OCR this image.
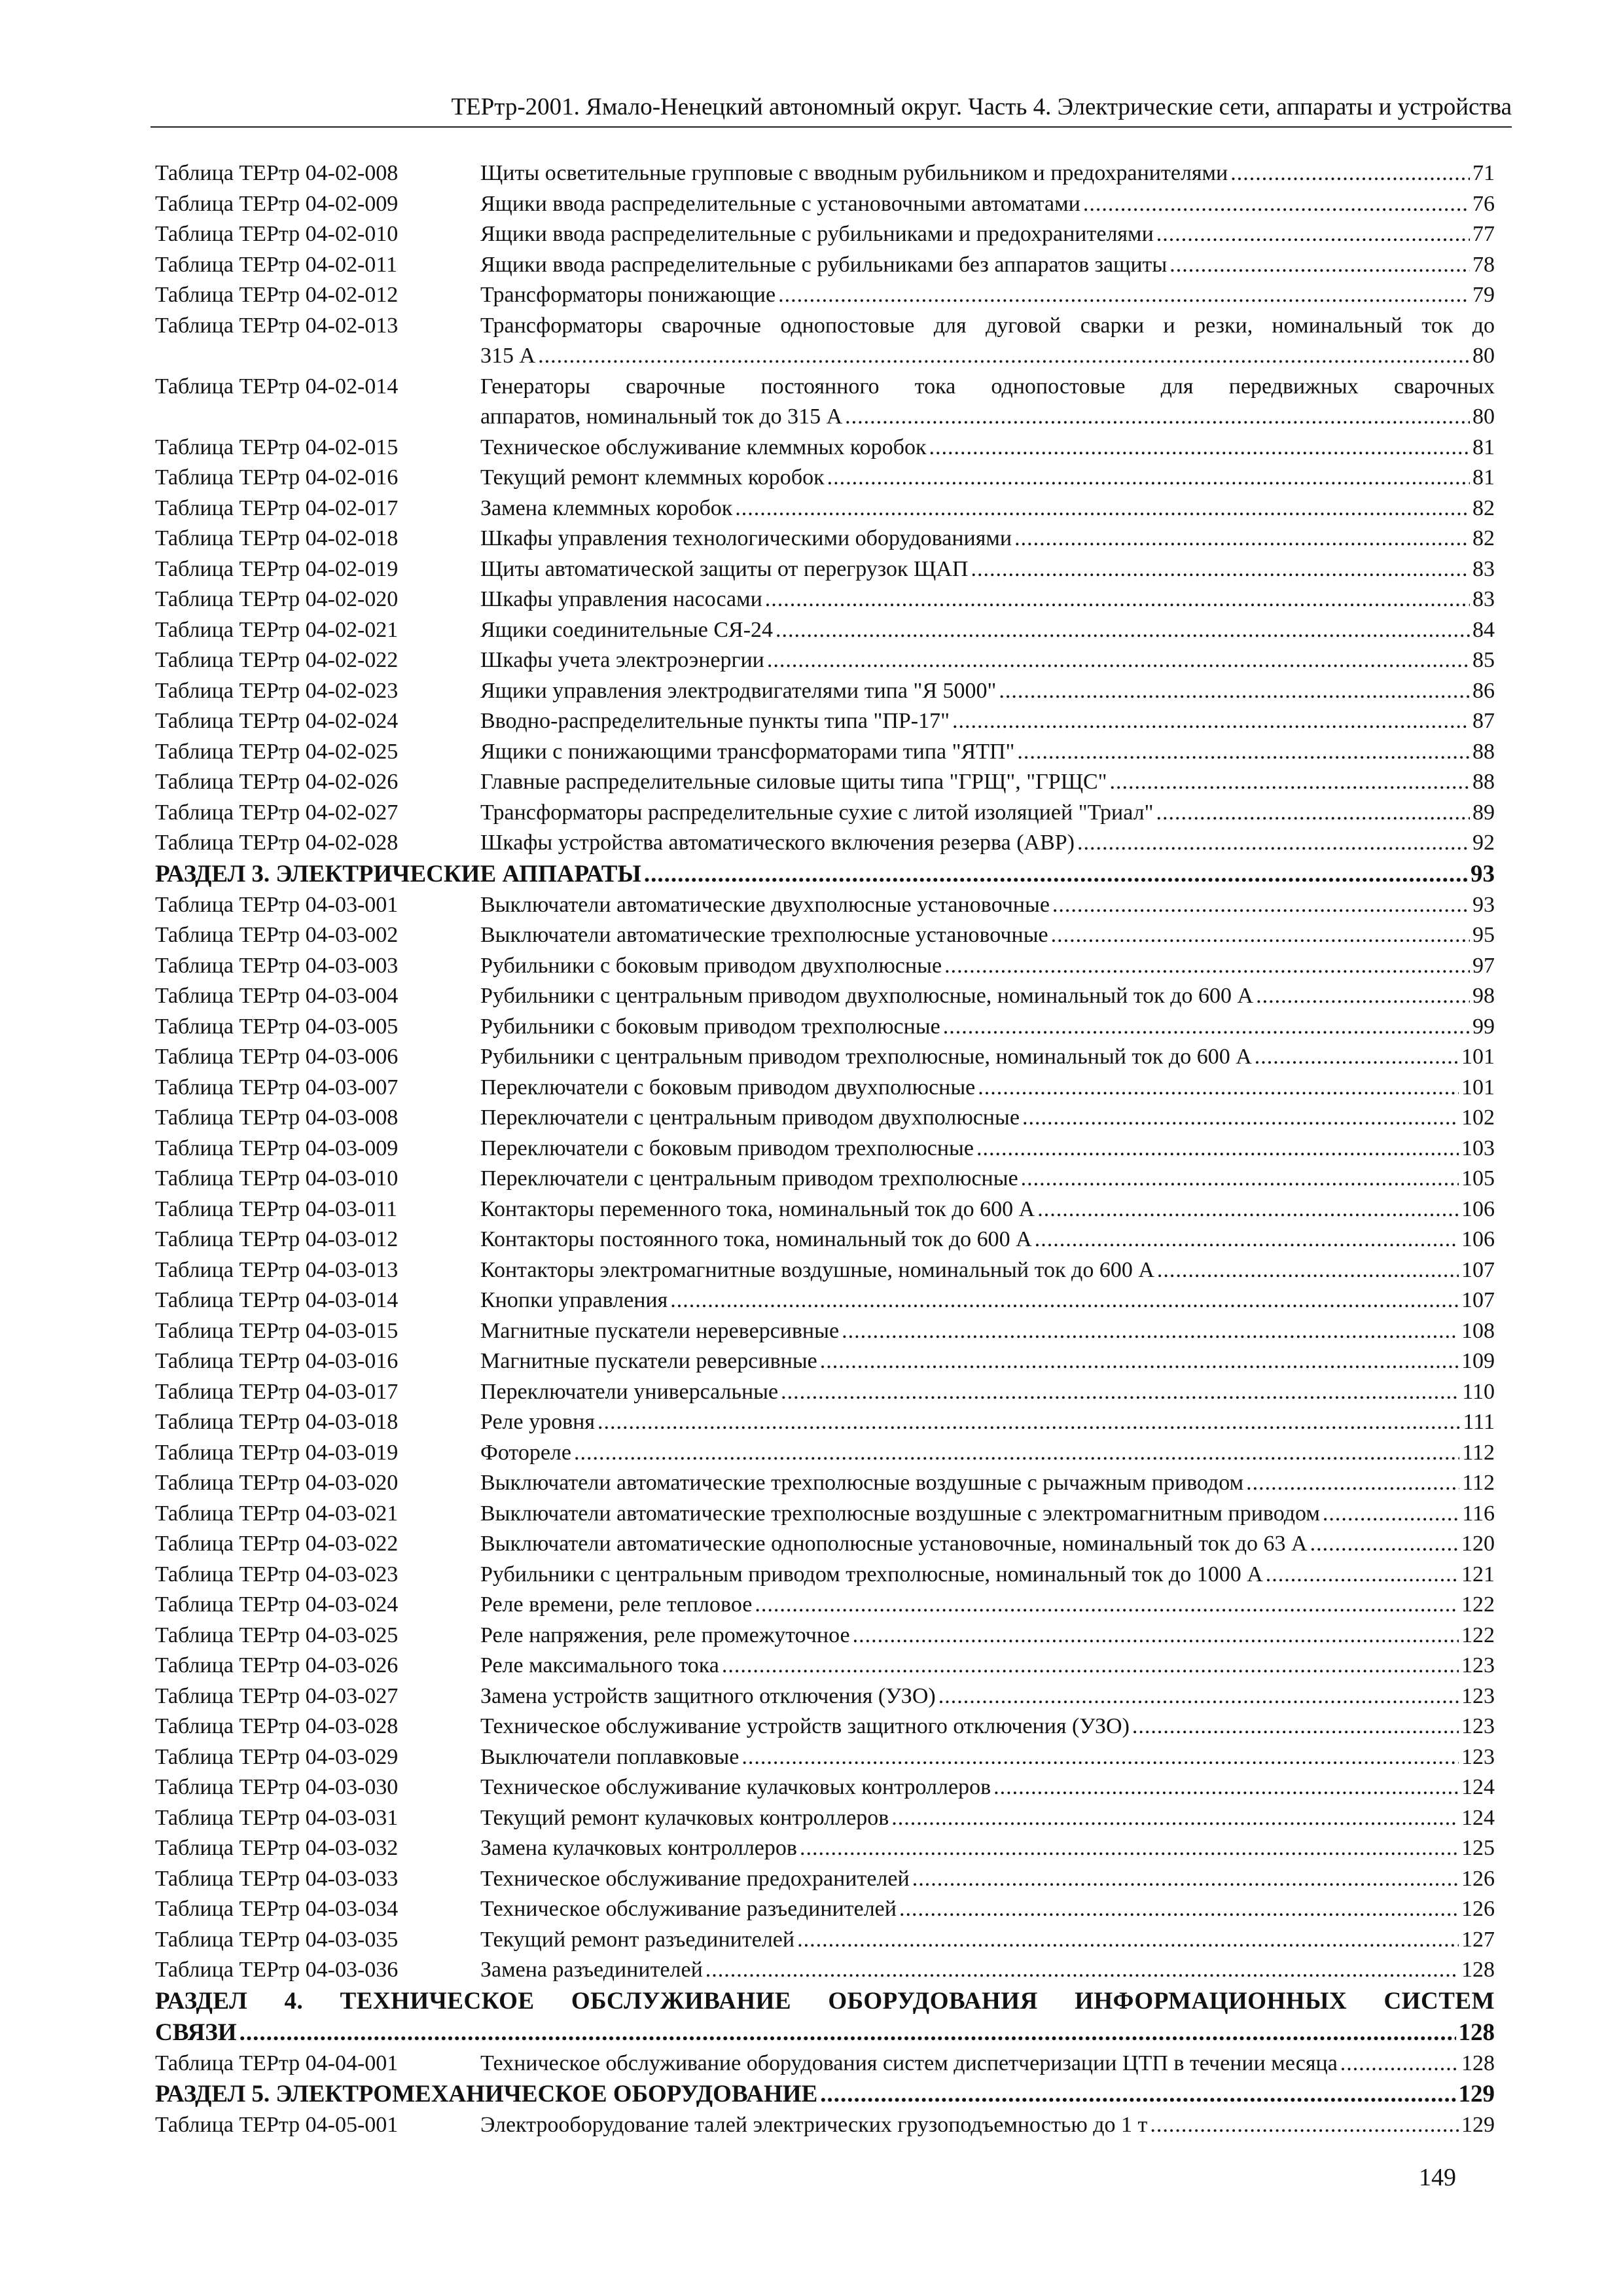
ТЕРтр-2001. Ямало-Ненецкий автономный округ. Часть 4. Электрические сети, аппараты и устройства
Таблица ТЕРтр 04-02-008	Щиты осветительные групповые с вводным рубильником и предохранителями .....	71
Таблица ТЕРтр 04-02-009	Ящики ввода распределительные с установочными автоматами .....	76
Таблица ТЕРтр 04-02-010	Ящики ввода распределительные с рубильниками и предохранителями .....	77
Таблица ТЕРтр 04-02-011	Ящики ввода распределительные с рубильниками без аппаратов защиты .....	78
Таблица ТЕРтр 04-02-012	Трансформаторы понижающие .....	79
Таблица ТЕРтр 04-02-013	Трансформаторы сварочные однопостовые для дуговой сварки и резки, номинальный ток до
315 А .....	80
Таблица ТЕРтр 04-02-014	Генераторы сварочные постоянного тока однопостовые для передвижных сварочных
аппаратов, номинальный ток до 315 А .....	80
Таблица ТЕРтр 04-02-015	Техническое обслуживание клеммных коробок .....	81
Таблица ТЕРтр 04-02-016	Текущий ремонт клеммных коробок .....	81
Таблица ТЕРтр 04-02-017	Замена клеммных коробок .....	82
Таблица ТЕРтр 04-02-018	Шкафы управления технологическими оборудованиями .....	82
Таблица ТЕРтр 04-02-019	Щиты автоматической защиты от перегрузок ЩАП .....	83
Таблица ТЕРтр 04-02-020	Шкафы управления насосами .....	83
Таблица ТЕРтр 04-02-021	Ящики соединительные СЯ-24 .....	84
Таблица ТЕРтр 04-02-022	Шкафы учета электроэнергии .....	85
Таблица ТЕРтр 04-02-023	Ящики управления электродвигателями типа "Я 5000" .....	86
Таблица ТЕРтр 04-02-024	Вводно-распределительные пункты типа "ПР-17" .....	87
Таблица ТЕРтр 04-02-025	Ящики с понижающими трансформаторами типа "ЯТП" .....	88
Таблица ТЕРтр 04-02-026	Главные распределительные силовые щиты типа "ГРЩ", "ГРЩС" .....	88
Таблица ТЕРтр 04-02-027	Трансформаторы распределительные сухие с литой изоляцией "Триал" .....	89
Таблица ТЕРтр 04-02-028	Шкафы устройства автоматического включения резерва (АВР) .....	92
РАЗДЕЛ 3. ЭЛЕКТРИЧЕСКИЕ АППАРАТЫ .....	93
Таблица ТЕРтр 04-03-001	Выключатели автоматические двухполюсные установочные .....	93
Таблица ТЕРтр 04-03-002	Выключатели автоматические трехполюсные установочные .....	95
Таблица ТЕРтр 04-03-003	Рубильники с боковым приводом двухполюсные .....	97
Таблица ТЕРтр 04-03-004	Рубильники с центральным приводом двухполюсные, номинальный ток до 600 А .....	98
Таблица ТЕРтр 04-03-005	Рубильники с боковым приводом трехполюсные .....	99
Таблица ТЕРтр 04-03-006	Рубильники с центральным приводом трехполюсные, номинальный ток до 600 А .....	101
Таблица ТЕРтр 04-03-007	Переключатели с боковым приводом двухполюсные .....	101
Таблица ТЕРтр 04-03-008	Переключатели с центральным приводом двухполюсные .....	102
Таблица ТЕРтр 04-03-009	Переключатели с боковым приводом трехполюсные .....	103
Таблица ТЕРтр 04-03-010	Переключатели с центральным приводом трехполюсные .....	105
Таблица ТЕРтр 04-03-011	Контакторы переменного тока, номинальный ток до 600 А .....	106
Таблица ТЕРтр 04-03-012	Контакторы постоянного тока, номинальный ток до 600 А .....	106
Таблица ТЕРтр 04-03-013	Контакторы электромагнитные воздушные, номинальный ток до 600 А .....	107
Таблица ТЕРтр 04-03-014	Кнопки управления .....	107
Таблица ТЕРтр 04-03-015	Магнитные пускатели нереверсивные .....	108
Таблица ТЕРтр 04-03-016	Магнитные пускатели реверсивные .....	109
Таблица ТЕРтр 04-03-017	Переключатели универсальные .....	110
Таблица ТЕРтр 04-03-018	Реле уровня .....	111
Таблица ТЕРтр 04-03-019	Фотореле .....	112
Таблица ТЕРтр 04-03-020	Выключатели автоматические трехполюсные воздушные с рычажным приводом .....	112
Таблица ТЕРтр 04-03-021	Выключатели автоматические трехполюсные воздушные с электромагнитным приводом .....	116
Таблица ТЕРтр 04-03-022	Выключатели автоматические однополюсные установочные, номинальный ток до 63 А .....	120
Таблица ТЕРтр 04-03-023	Рубильники с центральным приводом трехполюсные, номинальный ток до 1000 А .....	121
Таблица ТЕРтр 04-03-024	Реле времени, реле тепловое .....	122
Таблица ТЕРтр 04-03-025	Реле напряжения, реле промежуточное .....	122
Таблица ТЕРтр 04-03-026	Реле максимального тока .....	123
Таблица ТЕРтр 04-03-027	Замена устройств защитного отключения (УЗО) .....	123
Таблица ТЕРтр 04-03-028	Техническое обслуживание устройств защитного отключения (УЗО) .....	123
Таблица ТЕРтр 04-03-029	Выключатели поплавковые .....	123
Таблица ТЕРтр 04-03-030	Техническое обслуживание кулачковых контроллеров .....	124
Таблица ТЕРтр 04-03-031	Текущий ремонт кулачковых контроллеров .....	124
Таблица ТЕРтр 04-03-032	Замена кулачковых контроллеров .....	125
Таблица ТЕРтр 04-03-033	Техническое обслуживание предохранителей .....	126
Таблица ТЕРтр 04-03-034	Техническое обслуживание разъединителей .....	126
Таблица ТЕРтр 04-03-035	Текущий ремонт разъединителей .....	127
Таблица ТЕРтр 04-03-036	Замена разъединителей .....	128
РАЗДЕЛ 4. ТЕХНИЧЕСКОЕ ОБСЛУЖИВАНИЕ ОБОРУДОВАНИЯ ИНФОРМАЦИОННЫХ СИСТЕМ
СВЯЗИ .....	128
Таблица ТЕРтр 04-04-001	Техническое обслуживание оборудования систем диспетчеризации ЦТП в течении месяца .....	128
РАЗДЕЛ 5. ЭЛЕКТРОМЕХАНИЧЕСКОЕ ОБОРУДОВАНИЕ .....	129
Таблица ТЕРтр 04-05-001	Электрооборудование талей электрических грузоподъемностью до 1 т .....	129
149
